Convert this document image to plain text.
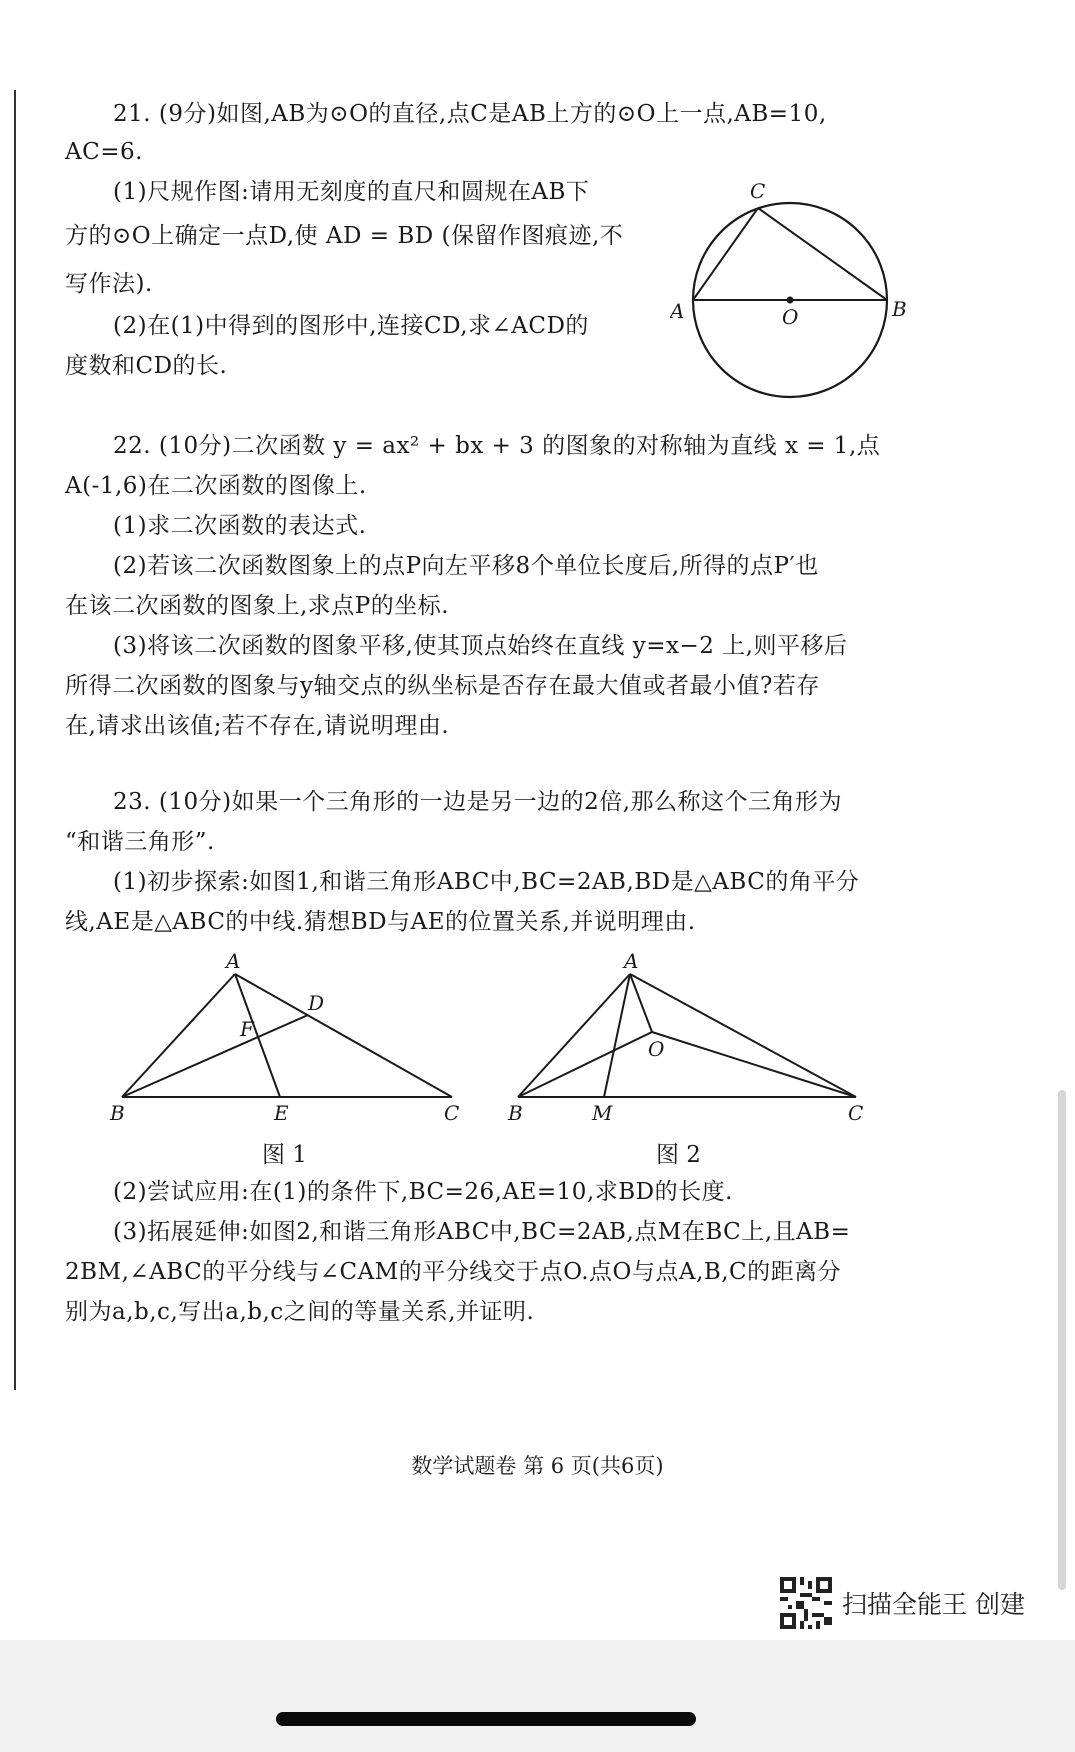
21. (9分)如图,AB为⊙O的直径,点C是AB上方的⊙O上一点,AB=10,
AC=6.
(1)尺规作图:请用无刻度的直尺和圆规在AB下
方的⊙O上确定一点D,使 AD = BD (保留作图痕迹,不
写作法).
(2)在(1)中得到的图形中,连接CD,求∠ACD的
度数和CD的长.
C
A	O	B
22. (10分)二次函数 y = ax² + bx + 3 的图象的对称轴为直线 x = 1,点
A(-1,6)在二次函数的图像上.
(1)求二次函数的表达式.
(2)若该二次函数图象上的点P向左平移8个单位长度后,所得的点P′也
在该二次函数的图象上,求点P的坐标.
(3)将该二次函数的图象平移,使其顶点始终在直线 y=x−2 上,则平移后
所得二次函数的图象与y轴交点的纵坐标是否存在最大值或者最小值?若存
在,请求出该值;若不存在,请说明理由.
23. (10分)如果一个三角形的一边是另一边的2倍,那么称这个三角形为
“和谐三角形”.
(1)初步探索:如图1,和谐三角形ABC中,BC=2AB,BD是△ABC的角平分
线,AE是△ABC的中线.猜想BD与AE的位置关系,并说明理由.
A
D
F
B	E	C
A
O
B	M	C
图 1	图 2
(2)尝试应用:在(1)的条件下,BC=26,AE=10,求BD的长度.
(3)拓展延伸:如图2,和谐三角形ABC中,BC=2AB,点M在BC上,且AB=
2BM,∠ABC的平分线与∠CAM的平分线交于点O.点O与点A,B,C的距离分
别为a,b,c,写出a,b,c之间的等量关系,并证明.
数学试题卷 第 6 页(共6页)
扫描全能王 创建
